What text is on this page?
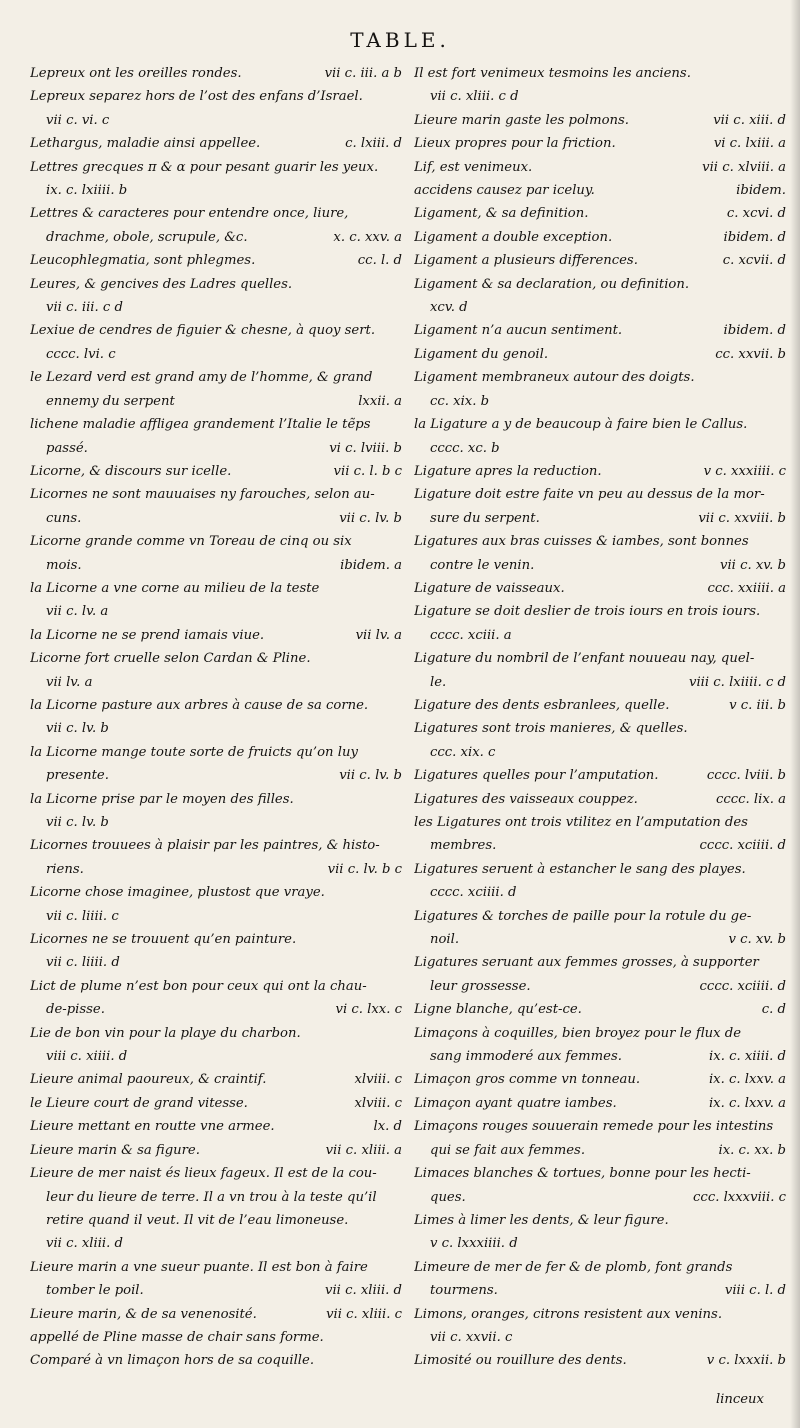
TABLE.
Lepreux ont les oreilles rondes.	vii c. iii. a b
Lepreux separez hors de l’ost des enfans d’Israel.
vii c. vi. c
Lethargus, maladie ainsi appellee.	c. lxiii. d
Lettres grecques π & α pour pesant guarir les yeux.
ix. c. lxiiii. b
Lettres & caracteres pour entendre once, liure,
drachme, obole, scrupule, &c.	x. c. xxv. a
Leucophlegmatia, sont phlegmes.	cc. l. d
Leures, & gencives des Ladres quelles.
vii c. iii. c d
Lexiue de cendres de figuier & chesne, à quoy sert.
cccc. lvi. c
le Lezard verd est grand amy de l’homme, & grand
ennemy du serpent	lxxii. a
lichene maladie affligea grandement l’Italie le tẽps
passé.	vi c. lviii. b
Licorne, & discours sur icelle.	vii c. l. b c
Licornes ne sont mauuaises ny farouches, selon au-
cuns.	vii c. lv. b
Licorne grande comme vn Toreau de cinq ou six
mois.	ibidem. a
la Licorne a vne corne au milieu de la teste
vii c. lv. a
la Licorne ne se prend iamais viue.	vii lv. a
Licorne fort cruelle selon Cardan & Pline.
vii lv. a
la Licorne pasture aux arbres à cause de sa corne.
vii c. lv. b
la Licorne mange toute sorte de fruicts qu’on luy
presente.	vii c. lv. b
la Licorne prise par le moyen des filles.
vii c. lv. b
Licornes trouuees à plaisir par les paintres, & histo-
riens.	vii c. lv. b c
Licorne chose imaginee, plustost que vraye.
vii c. liiii. c
Licornes ne se trouuent qu’en painture.
vii c. liiii. d
Lict de plume n’est bon pour ceux qui ont la chau-
de-pisse.	vi c. lxx. c
Lie de bon vin pour la playe du charbon.
viii c. xiiii. d
Lieure animal paoureux, & craintif.	xlviii. c
le Lieure court de grand vitesse.	xlviii. c
Lieure mettant en routte vne armee.	lx. d
Lieure marin & sa figure.	vii c. xliii. a
Lieure de mer naist és lieux fageux. Il est de la cou-
leur du lieure de terre. Il a vn trou à la teste qu’il
retire quand il veut. Il vit de l’eau limoneuse.
vii c. xliii. d
Lieure marin a vne sueur puante. Il est bon à faire
tomber le poil.	vii c. xliii. d
Lieure marin, & de sa venenosité.	vii c. xliii. c
appellé de Pline masse de chair sans forme.
Comparé à vn limaçon hors de sa coquille.
Il est fort venimeux tesmoins les anciens.
vii c. xliii. c d
Lieure marin gaste les polmons.	vii c. xiii. d
Lieux propres pour la friction.	vi c. lxiii. a
Lif, est venimeux.	vii c. xlviii. a
accidens causez par iceluy.	ibidem.
Ligament, & sa definition.	c. xcvi. d
Ligament a double exception.	ibidem. d
Ligament a plusieurs differences.	c. xcvii. d
Ligament & sa declaration, ou definition.
xcv. d
Ligament n’a aucun sentiment.	ibidem. d
Ligament du genoil.	cc. xxvii. b
Ligament membraneux autour des doigts.
cc. xix. b
la Ligature a y de beaucoup à faire bien le Callus.
cccc. xc. b
Ligature apres la reduction.	v c. xxxiiii. c
Ligature doit estre faite vn peu au dessus de la mor-
sure du serpent.	vii c. xxviii. b
Ligatures aux bras cuisses & iambes, sont bonnes
contre le venin.	vii c. xv. b
Ligature de vaisseaux.	ccc. xxiiii. a
Ligature se doit deslier de trois iours en trois iours.
cccc. xciii. a
Ligature du nombril de l’enfant nouueau nay, quel-
le.	viii c. lxiiii. c d
Ligature des dents esbranlees, quelle.	v c. iii. b
Ligatures sont trois manieres, & quelles.
ccc. xix. c
Ligatures quelles pour l’amputation.	cccc. lviii. b
Ligatures des vaisseaux couppez.	cccc. lix. a
les Ligatures ont trois vtilitez en l’amputation des
membres.	cccc. xciiii. d
Ligatures seruent à estancher le sang des playes.
cccc. xciiii. d
Ligatures & torches de paille pour la rotule du ge-
noil.	v c. xv. b
Ligatures seruant aux femmes grosses, à supporter
leur grossesse.	cccc. xciiii. d
Ligne blanche, qu’est-ce.	c. d
Limaçons à coquilles, bien broyez pour le flux de
sang immoderé aux femmes.	ix. c. xiiii. d
Limaçon gros comme vn tonneau.	ix. c. lxxv. a
Limaçon ayant quatre iambes.	ix. c. lxxv. a
Limaçons rouges souuerain remede pour les intestins
qui se fait aux femmes.	ix. c. xx. b
Limaces blanches & tortues, bonne pour les hecti-
ques.	ccc. lxxxviii. c
Limes à limer les dents, & leur figure.
v c. lxxxiiii. d
Limeure de mer de fer & de plomb, font grands
tourmens.	viii c. l. d
Limons, oranges, citrons resistent aux venins.
vii c. xxvii. c
Limosité ou rouillure des dents.	v c. lxxxii. b
linceux
